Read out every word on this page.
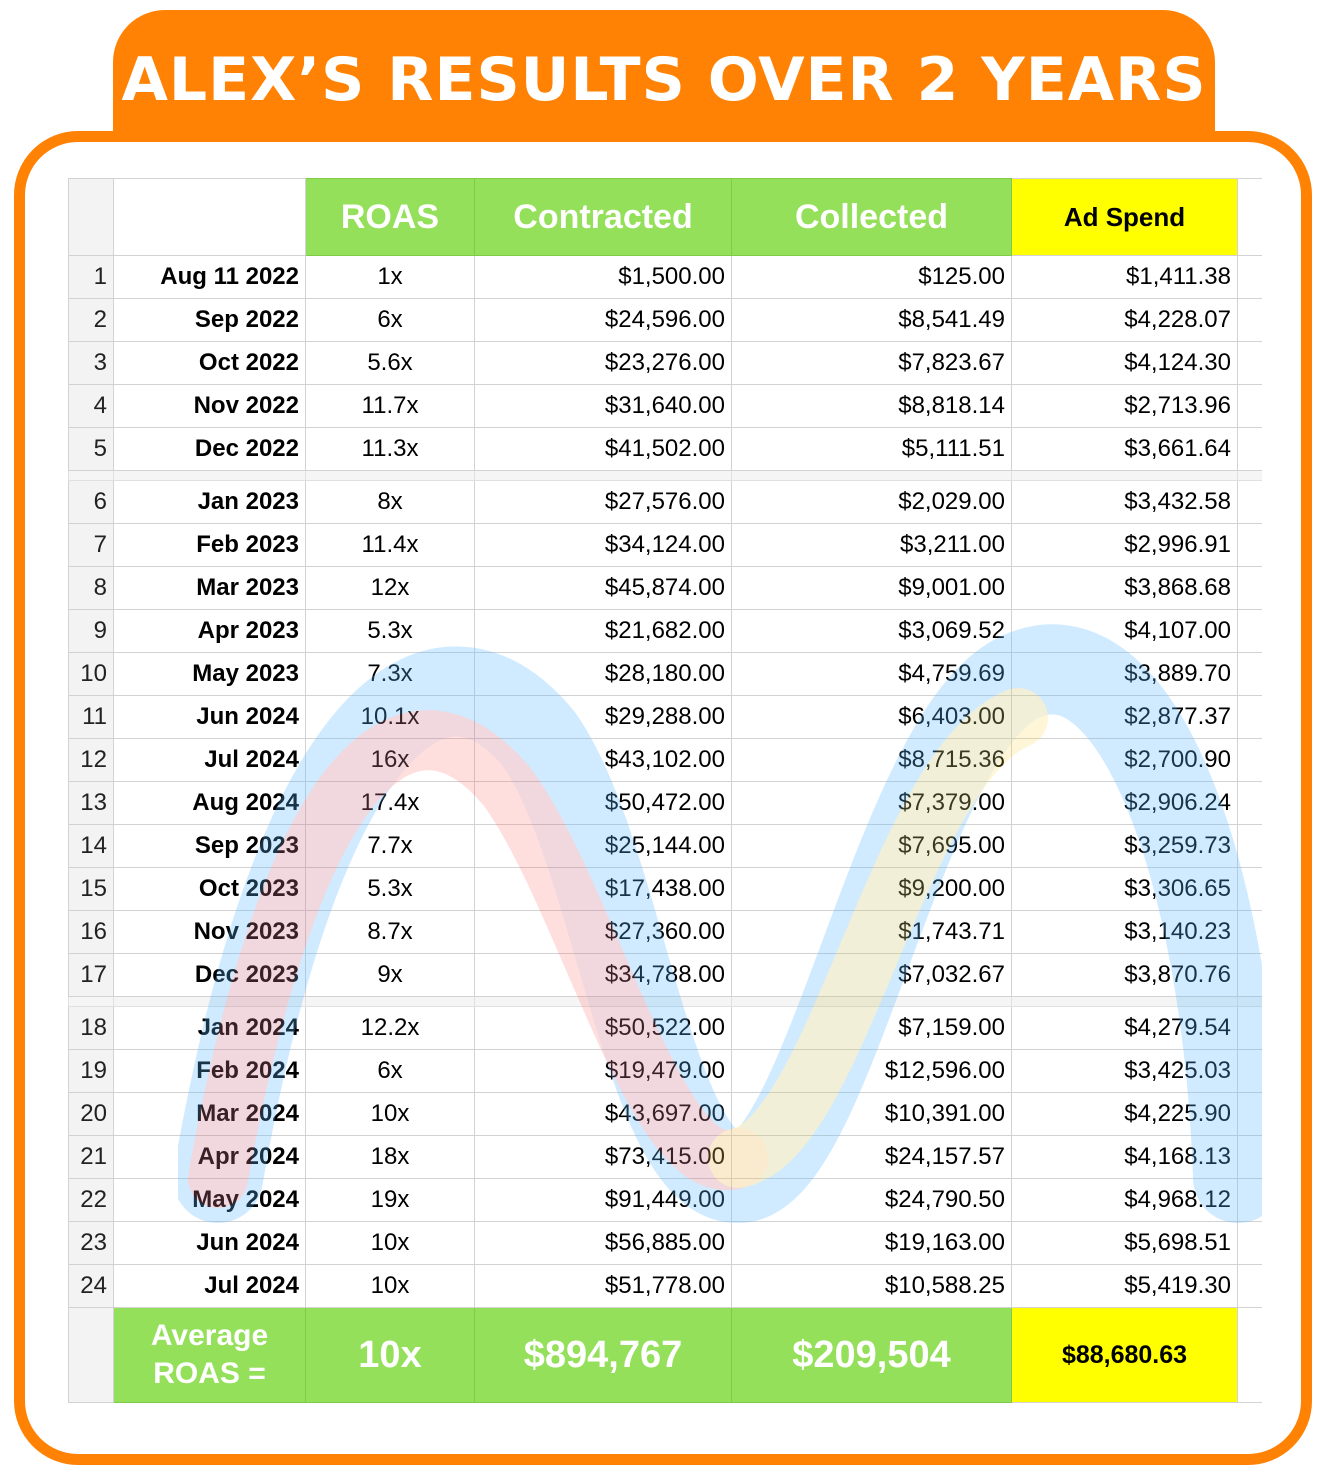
ALEX’S RESULTS OVER 2 YEARS
		ROAS	Contracted	Collected	Ad Spend	
1	Aug 11 2022	1x	$1,500.00	$125.00	$1,411.38	
2	Sep 2022	6x	$24,596.00	$8,541.49	$4,228.07	
3	Oct 2022	5.6x	$23,276.00	$7,823.67	$4,124.30	
4	Nov 2022	11.7x	$31,640.00	$8,818.14	$2,713.96	
5	Dec 2022	11.3x	$41,502.00	$5,111.51	$3,661.64	

6	Jan 2023	8x	$27,576.00	$2,029.00	$3,432.58	
7	Feb 2023	11.4x	$34,124.00	$3,211.00	$2,996.91	
8	Mar 2023	12x	$45,874.00	$9,001.00	$3,868.68	
9	Apr 2023	5.3x	$21,682.00	$3,069.52	$4,107.00	
10	May 2023	7.3x	$28,180.00	$4,759.69	$3,889.70	
11	Jun 2024	10.1x	$29,288.00	$6,403.00	$2,877.37	
12	Jul 2024	16x	$43,102.00	$8,715.36	$2,700.90	
13	Aug 2024	17.4x	$50,472.00	$7,379.00	$2,906.24	
14	Sep 2023	7.7x	$25,144.00	$7,695.00	$3,259.73	
15	Oct 2023	5.3x	$17,438.00	$9,200.00	$3,306.65	
16	Nov 2023	8.7x	$27,360.00	$1,743.71	$3,140.23	
17	Dec 2023	9x	$34,788.00	$7,032.67	$3,870.76	

18	Jan 2024	12.2x	$50,522.00	$7,159.00	$4,279.54	
19	Feb 2024	6x	$19,479.00	$12,596.00	$3,425.03	
20	Mar 2024	10x	$43,697.00	$10,391.00	$4,225.90	
21	Apr 2024	18x	$73,415.00	$24,157.57	$4,168.13	
22	May 2024	19x	$91,449.00	$24,790.50	$4,968.12	
23	Jun 2024	10x	$56,885.00	$19,163.00	$5,698.51	
24	Jul 2024	10x	$51,778.00	$10,588.25	$5,419.30	
	Average ROAS =	10x	$894,767	$209,504	$88,680.63	
